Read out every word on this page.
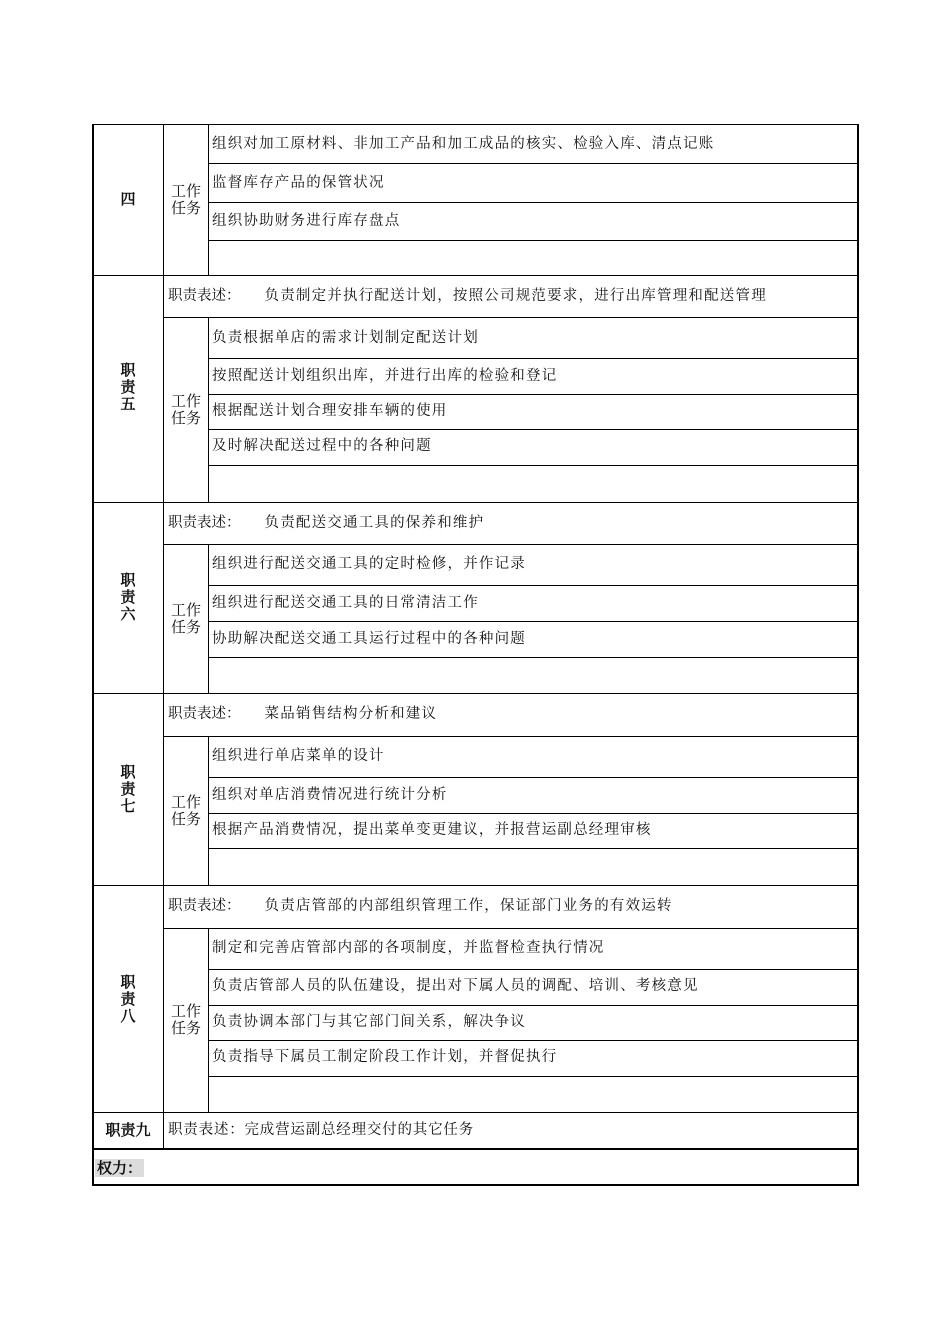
四	工作
任务
组织对加工原材料、非加工产品和加工成品的核实、检验入库、清点记账
监督库存产品的保管状况
组织协助财务进行库存盘点
职
责
五
职责表述： 负责制定并执行配送计划，按照公司规范要求，进行出库管理和配送管理
工作
任务
负责根据单店的需求计划制定配送计划
按照配送计划组织出库，并进行出库的检验和登记
根据配送计划合理安排车辆的使用
及时解决配送过程中的各种问题
职
责
六
职责表述： 负责配送交通工具的保养和维护
工作
任务
组织进行配送交通工具的定时检修，并作记录
组织进行配送交通工具的日常清洁工作
协助解决配送交通工具运行过程中的各种问题
职
责
七
职责表述： 菜品销售结构分析和建议
工作
任务
组织进行单店菜单的设计
组织对单店消费情况进行统计分析
根据产品消费情况，提出菜单变更建议，并报营运副总经理审核
职
责
八
职责表述： 负责店管部的内部组织管理工作，保证部门业务的有效运转
工作
任务
制定和完善店管部内部的各项制度，并监督检查执行情况
负责店管部人员的队伍建设，提出对下属人员的调配、培训、考核意见
负责协调本部门与其它部门间关系，解决争议
负责指导下属员工制定阶段工作计划，并督促执行
职责九	职责表述：完成营运副总经理交付的其它任务
权力：
